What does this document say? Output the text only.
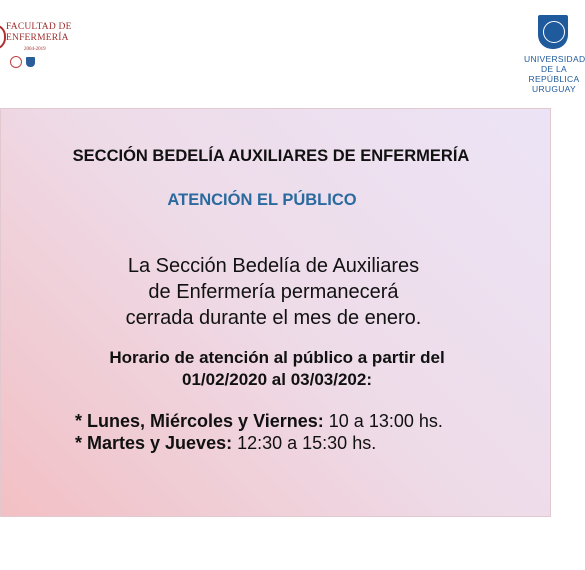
FACULTAD DE
ENFERMERÍA
2004-2019
UNIVERSIDAD
DE LA REPÚBLICA
URUGUAY
SECCIÓN BEDELÍA AUXILIARES DE ENFERMERÍA
ATENCIÓN EL PÚBLICO
La Sección Bedelía de Auxiliares
de Enfermería permanecerá
cerrada durante el mes de enero.
Horario de atención al público a partir del
01/02/2020 al 03/03/202:
* Lunes, Miércoles y Viernes: 10 a 13:00 hs.
* Martes y Jueves: 12:30 a 15:30 hs.
